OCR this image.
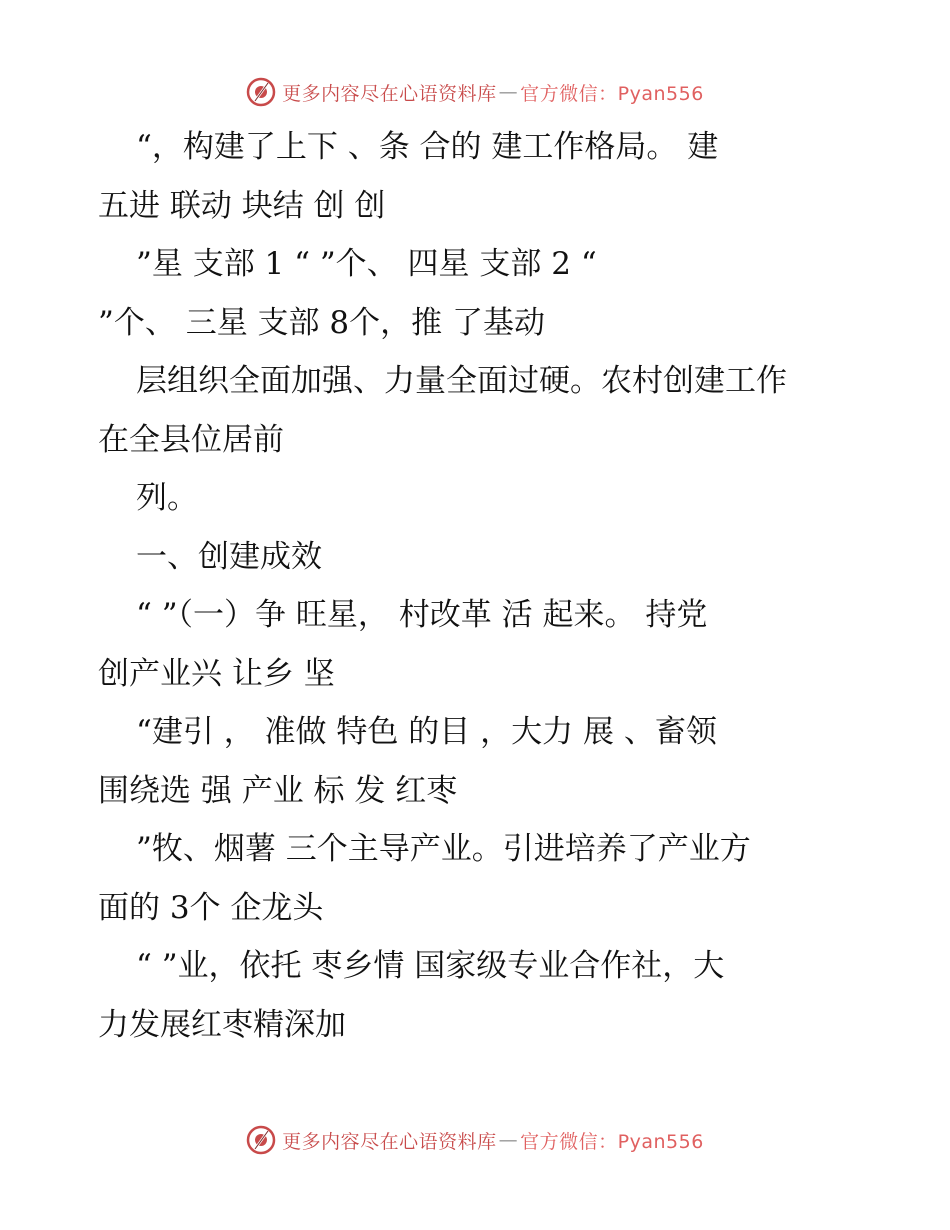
更多内容尽在心语资料库 — 官方微信：Pyan556
“，构建了上下 、条 合的 建工作格局。 建
五进 联动 块结 创 创
”星 支部 1 “ ”个、 四星 支部 2 “
”个、 三星 支部 8个，推 了基动
层组织全面加强、力量全面过硬。农村创建工作
在全县位居前
列。
一、创建成效
“ ”（一）争 旺星， 村改革 活 起来。 持党
创产业兴 让乡 坚
“建引 ， 准做 特色 的目 ，大力 展 、畜领
围绕选 强 产业 标 发 红枣
”牧、烟薯 三个主导产业。引进培养了产业方
面的 3个 企龙头
“ ”业，依托 枣乡情 国家级专业合作社，大
力发展红枣精深加
更多内容尽在心语资料库 — 官方微信：Pyan556
